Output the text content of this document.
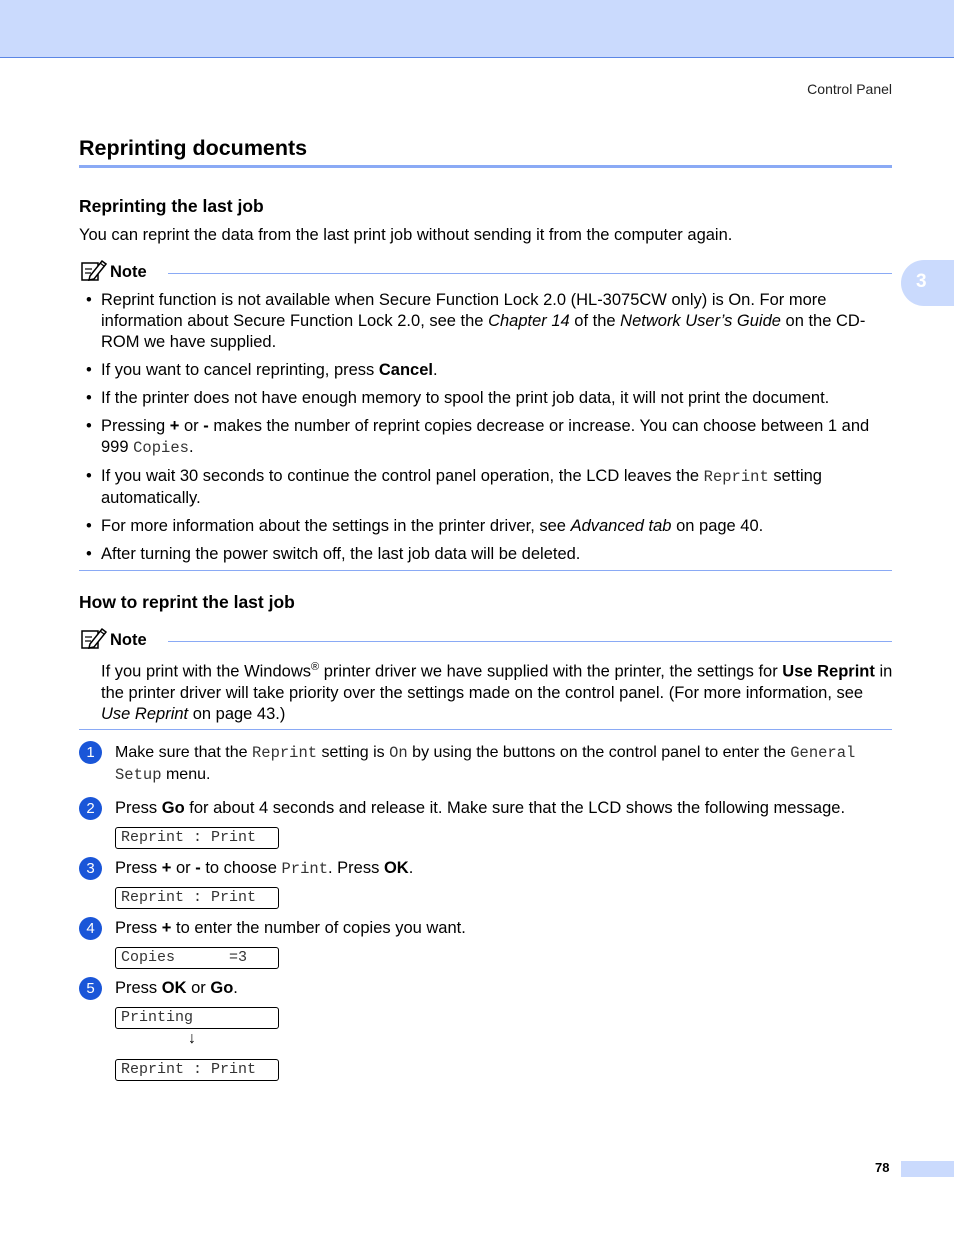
Control Panel
3
Reprinting documents
Reprinting the last job
You can reprint the data from the last print job without sending it from the computer again.
Note
• Reprint function is not available when Secure Function Lock 2.0 (HL-3075CW only) is On. For more information about Secure Function Lock 2.0, see the Chapter 14 of the Network User’s Guide on the CD-ROM we have supplied.
• If you want to cancel reprinting, press Cancel.
• If the printer does not have enough memory to spool the print job data, it will not print the document.
• Pressing + or - makes the number of reprint copies decrease or increase. You can choose between 1 and 999 Copies.
• If you wait 30 seconds to continue the control panel operation, the LCD leaves the Reprint setting automatically.
• For more information about the settings in the printer driver, see Advanced tab on page 40.
• After turning the power switch off, the last job data will be deleted.
How to reprint the last job
Note
If you print with the Windows® printer driver we have supplied with the printer, the settings for Use Reprint in the printer driver will take priority over the settings made on the control panel. (For more information, see Use Reprint on page 43.)
1	Make sure that the Reprint setting is On by using the buttons on the control panel to enter the General Setup menu.
2	Press Go for about 4 seconds and release it. Make sure that the LCD shows the following message.
Reprint : Print
3	Press + or - to choose Print. Press OK.
Reprint : Print
4	Press + to enter the number of copies you want.
Copies      =3
5	Press OK or Go.
Printing
↓
Reprint : Print
78
